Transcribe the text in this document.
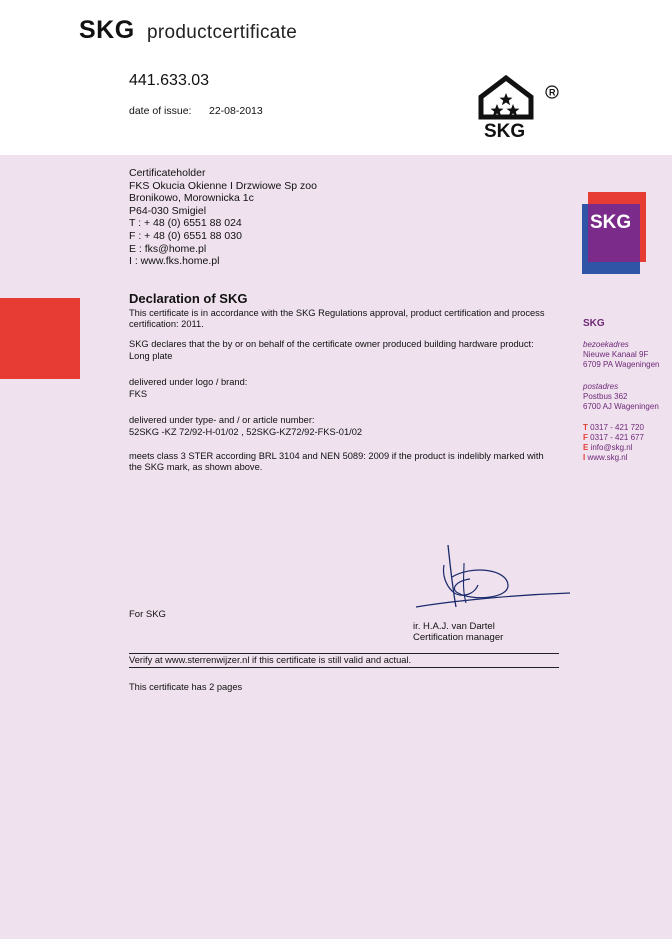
SKG productcertificate
441.633.03
date of issue: 22-08-2013
SKG
R
Certificateholder
FKS Okucia Okienne I Drzwiowe Sp zoo
Bronikowo, Morownicka 1c
P64-030 Smigiel
T : + 48 (0) 6551 88 024
F : + 48 (0) 6551 88 030
E : fks@home.pl
I : www.fks.home.pl
SKG
Declaration of SKG
This certificate is in accordance with the SKG Regulations approval, product certification and process certification: 2011.
SKG declares that the by or on behalf of the certificate owner produced building hardware product:
Long plate
delivered under logo / brand:
FKS
delivered under type- and / or article number:
52SKG -KZ 72/92-H-01/02 , 52SKG-KZ72/92-FKS-01/02
meets class 3 STER according BRL 3104 and NEN 5089: 2009 if the product is indelibly marked with the SKG mark, as shown above.
SKG
bezoekadres
Nieuwe Kanaal 9F
6709 PA Wageningen
postadres
Postbus 362
6700 AJ Wageningen
T 0317 - 421 720
F 0317 - 421 677
E info@skg.nl
I www.skg.nl
For SKG
ir. H.A.J. van Dartel
Certification manager
Verify at www.sterrenwijzer.nl if this certificate is still valid and actual.
This certificate has 2 pages
